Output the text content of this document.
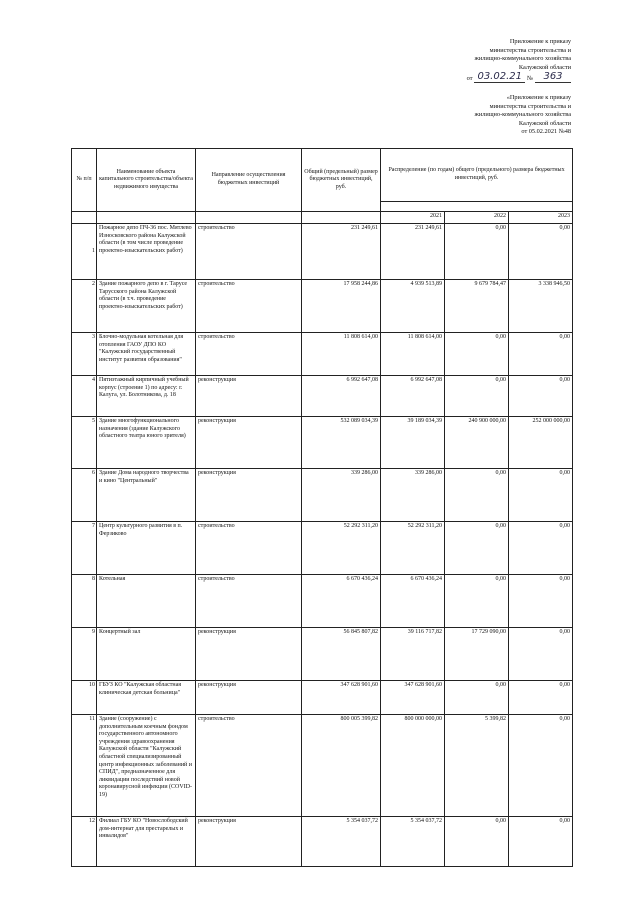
Приложение к приказу
министерства строительства и
жилищно-коммунального хозяйства
Калужской области
от 03.02.21 №	363
«Приложение к приказу
министерства строительства и
жилищно-коммунального хозяйства
Калужской области
от 05.02.2021 №48
№ п/п	Наименование объекта капитального строительства/объекта недвижимого имущества	Направление осуществления бюджетных инвестиций	Общий (предельный) размер бюджетных инвестиций, руб.	Распределение (по годам) общего (предельного) размера бюджетных инвестиций, руб.		

				2021	2022	2023
1	Пожарное депо ПЧ-36 пос. Мятлево Износковского района Калужской области (в том числе проведение проектно-изыскательских работ)	строительство	231 249,61	231 249,61	0,00	0,00
2	Здание пожарного депо в г. Тарусе Тарусского района Калужской области (в т.ч. проведение проектно-изыскательских работ)	строительство	17 958 244,86	4 939 513,89	9 679 784,47	3 338 946,50
3	Блочно-модульная котельная для отопления ГАОУ ДПО КО "Калужский государственный институт развития образования"	строительство	11 808 614,00	11 808 614,00	0,00	0,00
4	Пятиэтажный кирпичный учебный корпус (строение 1) по адресу: г. Калуга, ул. Болотникова, д. 18	реконструкция	6 992 647,08	6 992 647,08	0,00	0,00
5	Здание многофункционального назначения (здание Калужского областного театра юного зрителя)	реконструкция	532 089 034,39	39 189 034,39	240 900 000,00	252 000 000,00
6	Здание Дома народного творчества и кино "Центральный"	реконструкция	339 286,00	339 286,00	0,00	0,00
7	Центр культурного развития в п. Ферзиково	строительство	52 292 311,20	52 292 311,20	0,00	0,00
8	Котельная	строительство	6 670 436,24	6 670 436,24	0,00	0,00
9	Концертный зал	реконструкция	56 845 807,82	39 116 717,82	17 729 090,00	0,00
10	ГБУЗ КО "Калужская областная клиническая детская больница"	реконструкция	347 628 901,60	347 628 901,60	0,00	0,00
11	Здание (сооружение) с дополнительным коечным фондом государственного автономного учреждения здравоохранения Калужской области "Калужский областной специализированный центр инфекционных заболеваний и СПИД", предназначенное для ликвидации последствий новой коронавирусной инфекции (COVID-19)	строительство	800 005 399,82	800 000 000,00	5 399,82	0,00
12	Филиал ГБУ КО "Новослободский дом-интернат для престарелых и инвалидов"	реконструкция	5 354 037,72	5 354 037,72	0,00	0,00
